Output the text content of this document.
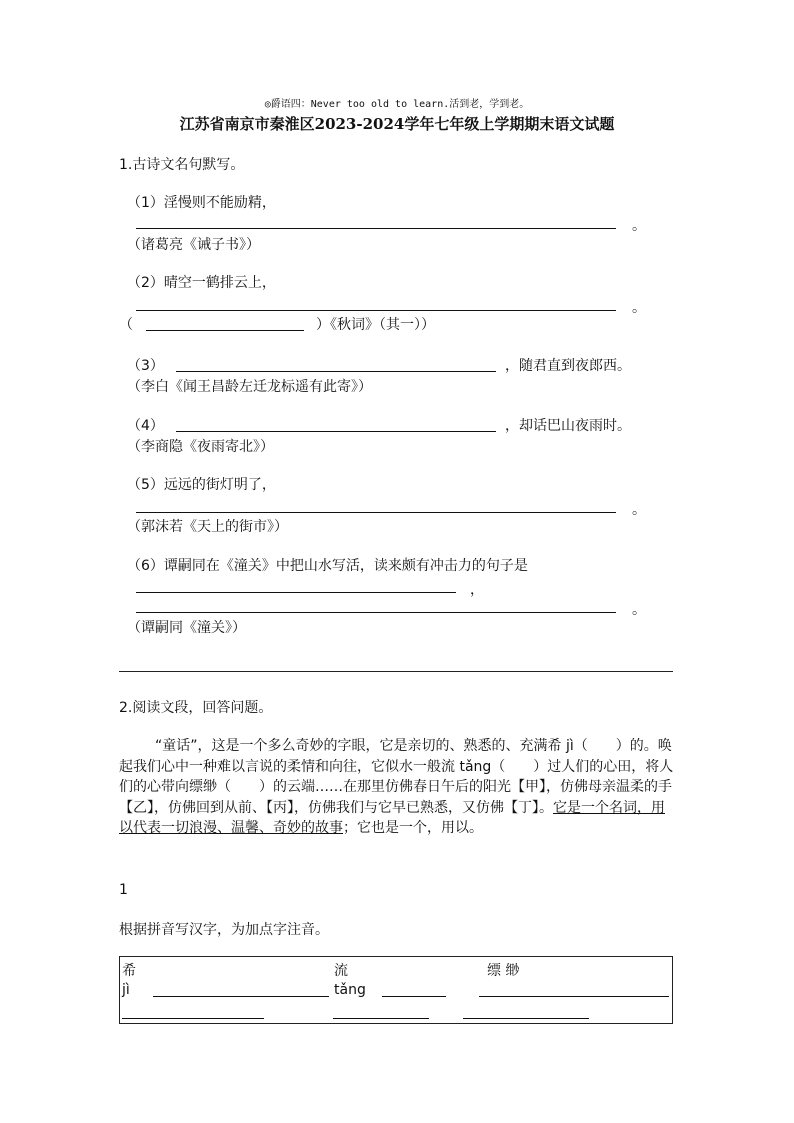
◎爵语四：Never too old to learn.活到老，学到老。
江苏省南京市秦淮区2023-2024学年七年级上学期期末语文试题
1.古诗文名句默写。
（1）淫慢则不能励精，
。
（诸葛亮《诫子书》）
（2）晴空一鹤排云上，
。
（	）《秋词》（其一））
（3）	，随君直到夜郎西。
（李白《闻王昌龄左迁龙标遥有此寄》）
（4）	，却话巴山夜雨时。
（李商隐《夜雨寄北》）
（5）远远的街灯明了，
。
（郭沫若《天上的街市》）
（6）谭嗣同在《潼关》中把山水写活，读来颇有冲击力的句子是
，
。
（谭嗣同《潼关》）
2.阅读文段，回答问题。
“童话”，这是一个多么奇妙的字眼，它是亲切的、熟悉的、充满希 jì（　　）的。唤起我们心中一种难以言说的柔情和向往，它似水一般流 tǎng（　　）过人们的心田，将人们的心带向缥缈（　　）的云端……在那里仿佛春日午后的阳光【甲】，仿佛母亲温柔的手【乙】，仿佛回到从前、【丙】，仿佛我们与它早已熟悉，又仿佛【丁】。它是一个名词，用以代表一切浪漫、温馨、奇妙的故事；它也是一个，用以。
1
根据拼音写汉字，为加点字注音。
希	流	缥 缈
jì	tǎng
